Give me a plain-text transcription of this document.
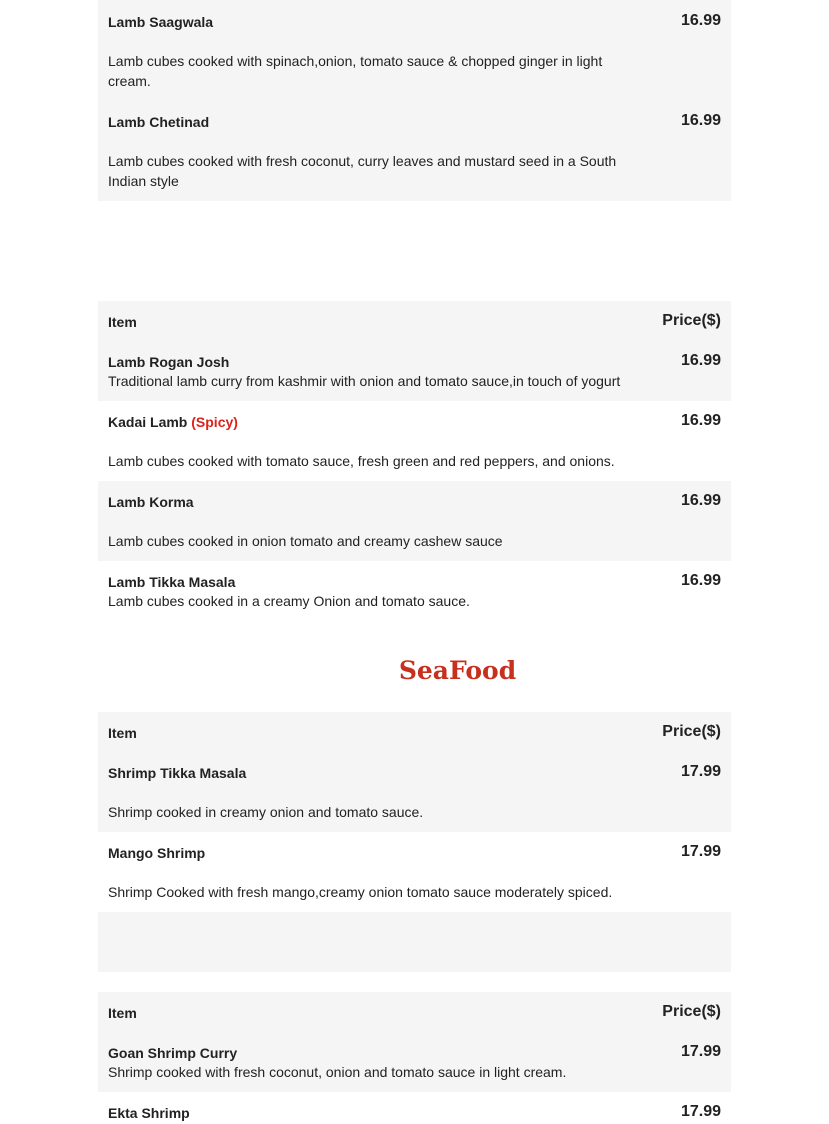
Lamb Saagwala	16.99
Lamb cubes cooked with spinach,onion, tomato sauce & chopped ginger in light cream.
Lamb Chetinad	16.99
Lamb cubes cooked with fresh coconut, curry leaves and mustard seed in a South Indian style
Item	Price($)
Lamb Rogan Josh	16.99
Traditional lamb curry from kashmir with onion and tomato sauce,in touch of yogurt
Kadai Lamb (Spicy)	16.99
Lamb cubes cooked with tomato sauce, fresh green and red peppers, and onions.
Lamb Korma	16.99
Lamb cubes cooked in onion tomato and creamy cashew sauce
Lamb Tikka Masala	16.99
Lamb cubes cooked in a creamy Onion and tomato sauce.
SeaFood
Item	Price($)
Shrimp Tikka Masala	17.99
Shrimp cooked in creamy onion and tomato sauce.
Mango Shrimp	17.99
Shrimp Cooked with fresh mango,creamy onion tomato sauce moderately spiced.
Item	Price($)
Goan Shrimp Curry	17.99
Shrimp cooked with fresh coconut, onion and tomato sauce in light cream.
Ekta Shrimp	17.99
